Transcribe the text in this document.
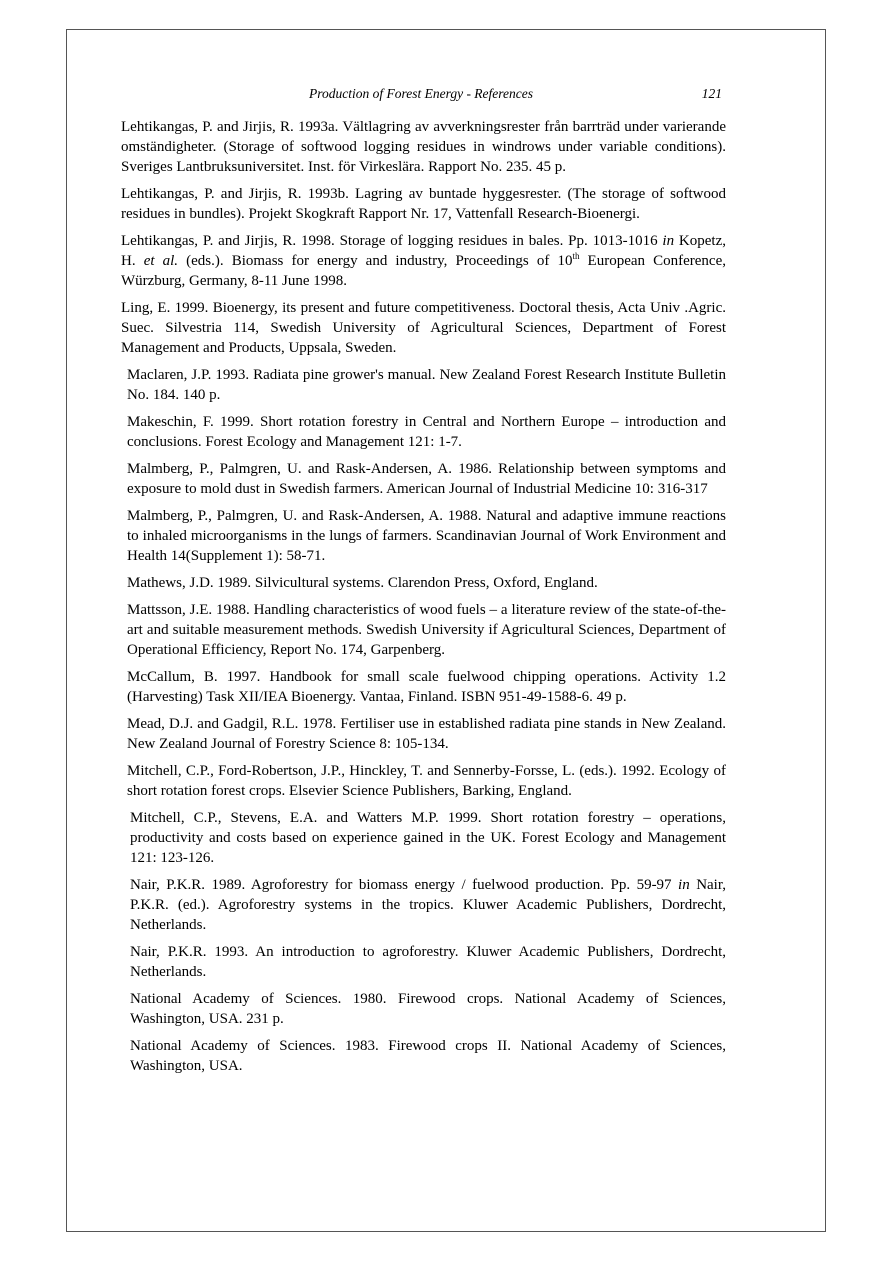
Production of Forest Energy - References	121
Lehtikangas, P. and Jirjis, R. 1993a. Vältlagring av avverkningsrester från barrträd under varierande omständigheter. (Storage of softwood logging residues in windrows under variable conditions). Sveriges Lantbruksuniversitet. Inst. för Virkeslära. Rapport No. 235. 45 p.
Lehtikangas, P. and Jirjis, R. 1993b. Lagring av buntade hyggesrester. (The storage of softwood residues in bundles). Projekt Skogkraft Rapport Nr. 17, Vattenfall Research-Bioenergi.
Lehtikangas, P. and Jirjis, R. 1998. Storage of logging residues in bales. Pp. 1013-1016 in Kopetz, H. et al. (eds.). Biomass for energy and industry, Proceedings of 10th European Conference, Würzburg, Germany, 8-11 June 1998.
Ling, E. 1999. Bioenergy, its present and future competitiveness. Doctoral thesis, Acta Univ .Agric. Suec. Silvestria 114, Swedish University of Agricultural Sciences, Department of Forest Management and Products, Uppsala, Sweden.
Maclaren, J.P. 1993. Radiata pine grower's manual. New Zealand Forest Research Institute Bulletin No. 184. 140 p.
Makeschin, F. 1999. Short rotation forestry in Central and Northern Europe – introduction and conclusions. Forest Ecology and Management 121: 1-7.
Malmberg, P., Palmgren, U. and Rask-Andersen, A. 1986. Relationship between symptoms and exposure to mold dust in Swedish farmers. American Journal of Industrial Medicine 10: 316-317
Malmberg, P., Palmgren, U. and Rask-Andersen, A. 1988. Natural and adaptive immune reactions to inhaled microorganisms in the lungs of farmers. Scandinavian Journal of Work Environment and Health 14(Supplement 1): 58-71.
Mathews, J.D. 1989. Silvicultural systems. Clarendon Press, Oxford, England.
Mattsson, J.E. 1988. Handling characteristics of wood fuels – a literature review of the state-of-the-art and suitable measurement methods. Swedish University if Agricultural Sciences, Department of Operational Efficiency, Report No. 174, Garpenberg.
McCallum, B. 1997. Handbook for small scale fuelwood chipping operations. Activity 1.2 (Harvesting) Task XII/IEA Bioenergy. Vantaa, Finland. ISBN 951-49-1588-6. 49 p.
Mead, D.J. and Gadgil, R.L. 1978. Fertiliser use in established radiata pine stands in New Zealand. New Zealand Journal of Forestry Science 8: 105-134.
Mitchell, C.P., Ford-Robertson, J.P., Hinckley, T. and Sennerby-Forsse, L. (eds.). 1992. Ecology of short rotation forest crops. Elsevier Science Publishers, Barking, England.
Mitchell, C.P., Stevens, E.A. and Watters M.P. 1999. Short rotation forestry – operations, productivity and costs based on experience gained in the UK. Forest Ecology and Management 121: 123-126.
Nair, P.K.R. 1989. Agroforestry for biomass energy / fuelwood production. Pp. 59-97 in Nair, P.K.R. (ed.). Agroforestry systems in the tropics. Kluwer Academic Publishers, Dordrecht, Netherlands.
Nair, P.K.R. 1993. An introduction to agroforestry. Kluwer Academic Publishers, Dordrecht, Netherlands.
National Academy of Sciences. 1980. Firewood crops. National Academy of Sciences, Washington, USA. 231 p.
National Academy of Sciences. 1983. Firewood crops II. National Academy of Sciences, Washington, USA.
